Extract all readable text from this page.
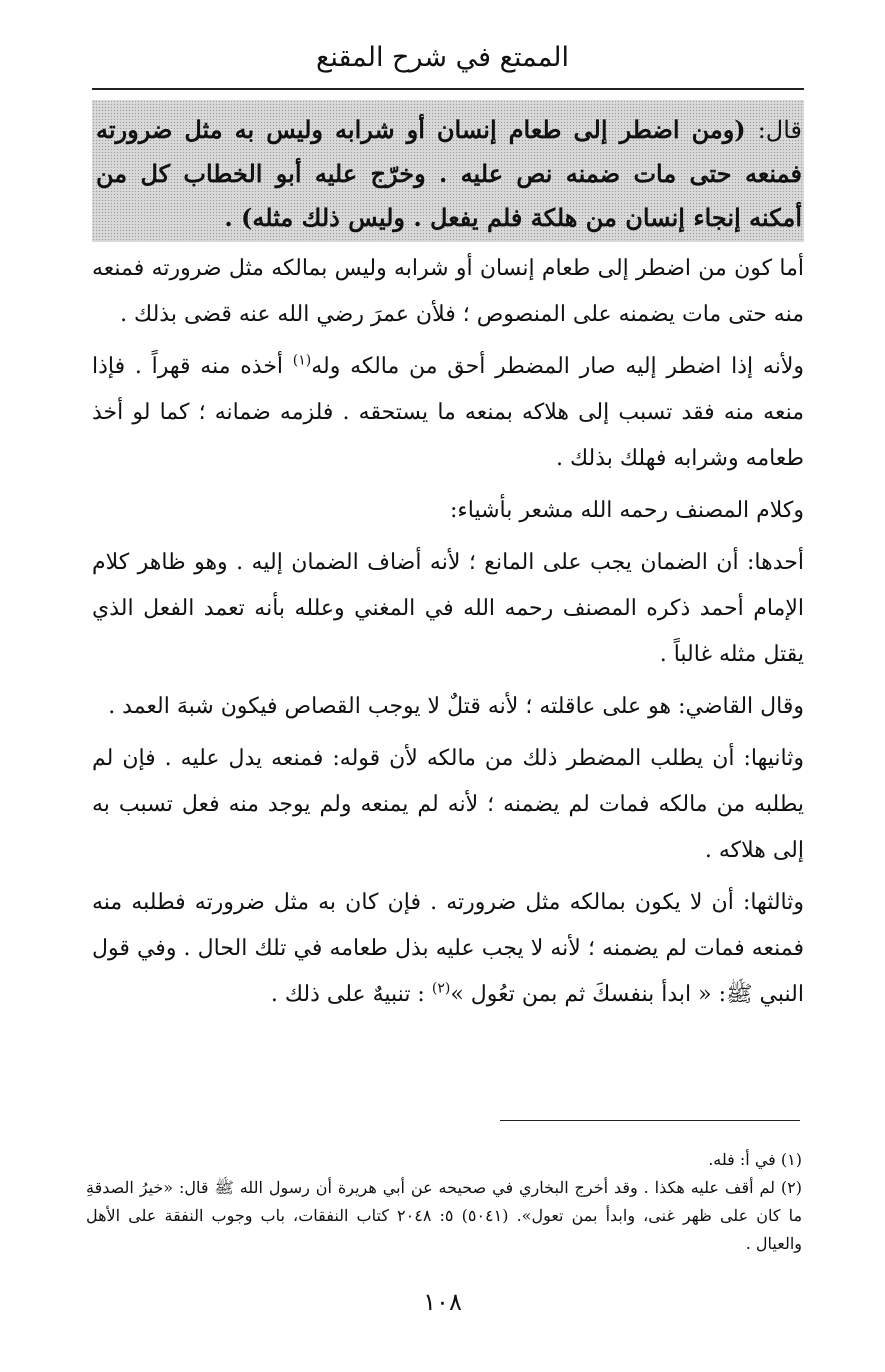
الممتع في شرح المقنع
قال: (ومن اضطر إلى طعام إنسان أو شرابه وليس به مثل ضرورته فمنعه حتى مات ضمنه نص عليه . وخرّج عليه أبو الخطاب كل من أمكنه إنجاء إنسان من هلكة فلم يفعل . وليس ذلك مثله) .

أما كون من اضطر إلى طعام إنسان أو شرابه وليس بمالكه مثل ضرورته فمنعه منه حتى مات يضمنه على المنصوص ؛ فلأن عمرَ رضي الله عنه قضى بذلك .

ولأنه إذا اضطر إليه صار المضطر أحق من مالكه وله$^{(١)}$ أخذه منه قهراً . فإذا منعه منه فقد تسبب إلى هلاكه بمنعه ما يستحقه . فلزمه ضمانه ؛ كما لو أخذ طعامه وشرابه فهلك بذلك .

وكلام المصنف رحمه الله مشعر بأشياء:

أحدها: أن الضمان يجب على المانع ؛ لأنه أضاف الضمان إليه . وهو ظاهر كلام الإمام أحمد ذكره المصنف رحمه الله في المغني وعلله بأنه تعمد الفعل الذي يقتل مثله غالباً .

وقال القاضي: هو على عاقلته ؛ لأنه قتلٌ لا يوجب القصاص فيكون شبهَ العمد .

وثانيها: أن يطلب المضطر ذلك من مالكه لأن قوله: فمنعه يدل عليه . فإن لم يطلبه من مالكه فمات لم يضمنه ؛ لأنه لم يمنعه ولم يوجد منه فعل تسبب به إلى هلاكه .

وثالثها: أن لا يكون بمالكه مثل ضرورته . فإن كان به مثل ضرورته فطلبه منه فمنعه فمات لم يضمنه ؛ لأنه لا يجب عليه بذل طعامه في تلك الحال . وفي قول النبي ﷺ: « ابدأ بنفسكَ ثم بمن تعُول »$^{(٢)}$ : تنبيهٌ على ذلك .

(١) في أ: فله.

(٢) لم أقف عليه هكذا . وقد أخرج البخاري في صحيحه عن أبي هريرة أن رسول الله ﷺ قال: «خيرُ الصدقةِ ما كان على ظهر غنى، وابدأ بمن تعول». (٥٠٤١) ٥: ٢٠٤٨ كتاب النفقات، باب وجوب النفقة على الأهل والعيال .

١٠٨
